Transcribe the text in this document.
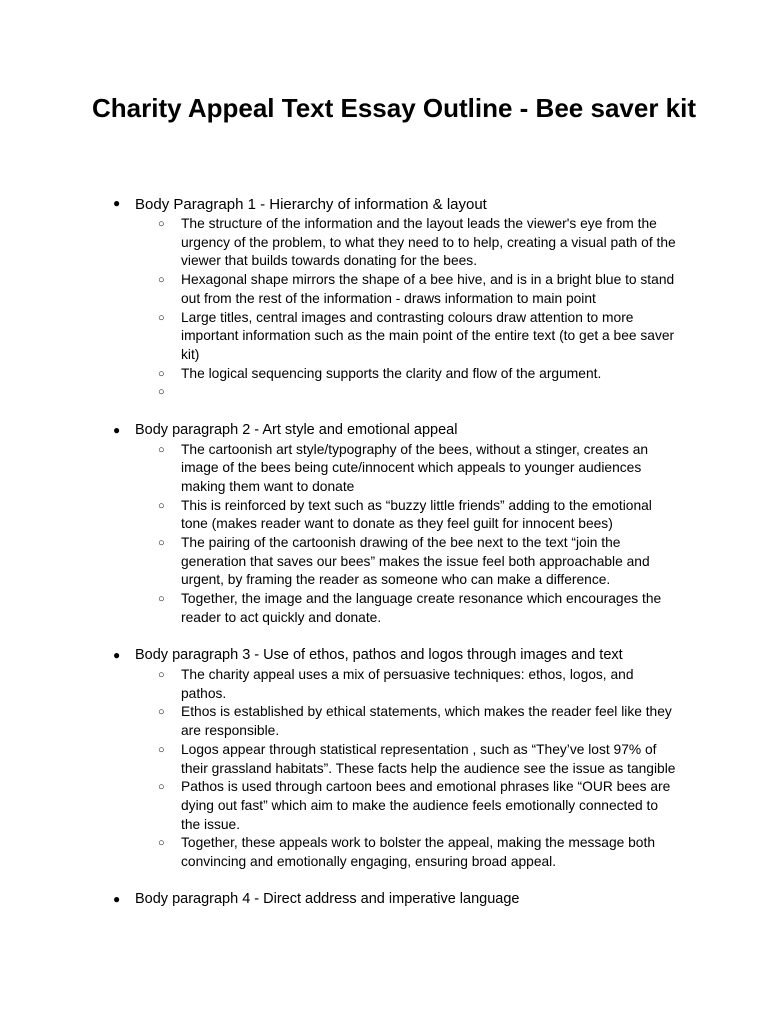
Charity Appeal Text Essay Outline - Bee saver kit
● Body Paragraph 1 - Hierarchy of information & layout
○ The structure of the information and the layout leads the viewer's eye from the
urgency of the problem, to what they need to to help, creating a visual path of the
viewer that builds towards donating for the bees.
○ Hexagonal shape mirrors the shape of a bee hive, and is in a bright blue to stand
out from the rest of the information - draws information to main point
○ Large titles, central images and contrasting colours draw attention to more
important information such as the main point of the entire text (to get a bee saver
kit)
○ The logical sequencing supports the clarity and flow of the argument.
○
● Body paragraph 2 - Art style and emotional appeal
○ The cartoonish art style/typography of the bees, without a stinger, creates an
image of the bees being cute/innocent which appeals to younger audiences
making them want to donate
○ This is reinforced by text such as “buzzy little friends” adding to the emotional
tone (makes reader want to donate as they feel guilt for innocent bees)
○ The pairing of the cartoonish drawing of the bee next to the text “join the
generation that saves our bees” makes the issue feel both approachable and
urgent, by framing the reader as someone who can make a difference.
○ Together, the image and the language create resonance which encourages the
reader to act quickly and donate.
● Body paragraph 3 - Use of ethos, pathos and logos through images and text
○ The charity appeal uses a mix of persuasive techniques: ethos, logos, and
pathos.
○ Ethos is established by ethical statements, which makes the reader feel like they
are responsible.
○ Logos appear through statistical representation , such as “They’ve lost 97% of
their grassland habitats”. These facts help the audience see the issue as tangible
○ Pathos is used through cartoon bees and emotional phrases like “OUR bees are
dying out fast” which aim to make the audience feels emotionally connected to
the issue.
○ Together, these appeals work to bolster the appeal, making the message both
convincing and emotionally engaging, ensuring broad appeal.
● Body paragraph 4 - Direct address and imperative language
